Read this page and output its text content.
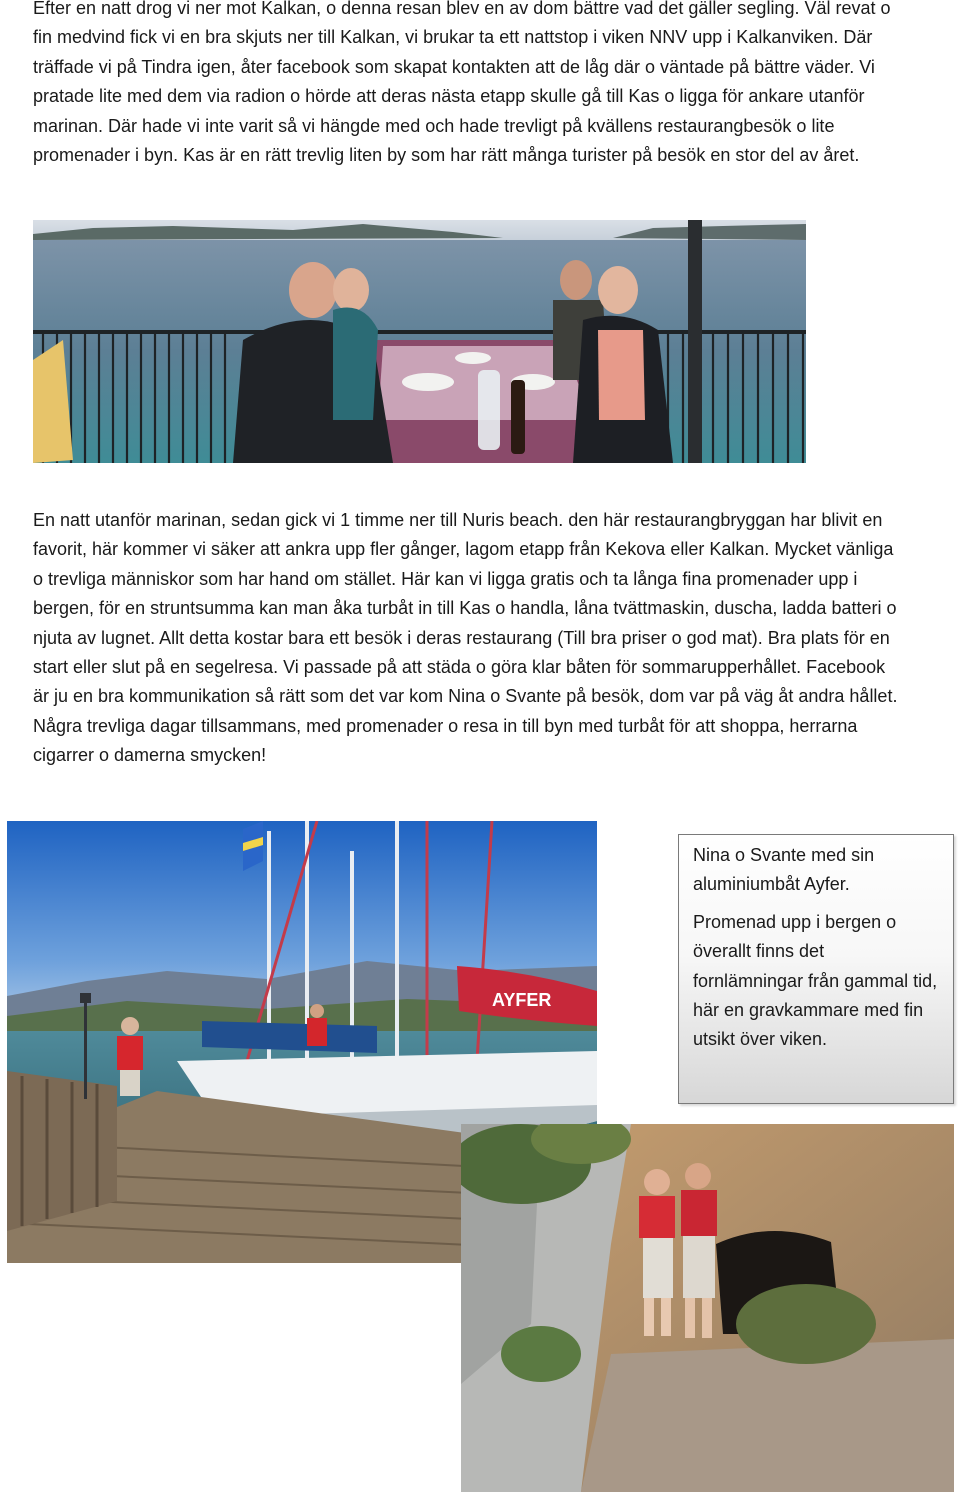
Efter en natt drog vi ner mot Kalkan, o denna resan blev en av dom bättre vad det gäller segling. Väl revat o fin medvind fick vi en bra skjuts ner till Kalkan, vi brukar ta ett nattstop i viken NNV upp i Kalkanviken. Där träffade vi på Tindra igen, åter facebook som skapat kontakten att de låg där o väntade på bättre väder. Vi pratade lite med dem via radion o hörde att deras nästa etapp skulle gå till Kas o ligga för ankare utanför marinan. Där hade vi inte varit så vi hängde med och hade trevligt på kvällens restaurangbesök o lite promenader i byn. Kas är en rätt trevlig liten by som har rätt många turister på besök en stor del av året.

En natt utanför marinan, sedan gick vi 1 timme ner till Nuris beach. den här restaurangbryggan har blivit en favorit, här kommer vi säker att ankra upp fler gånger, lagom etapp från Kekova eller Kalkan. Mycket vänliga o trevliga människor som har hand om stället. Här kan vi ligga gratis och ta långa fina promenader upp i bergen, för en struntsumma kan man åka turbåt in till Kas o handla, låna tvättmaskin, duscha, ladda batteri o njuta av lugnet. Allt detta kostar bara ett besök i deras restaurang (Till bra priser o god mat). Bra plats för en start eller slut på en segelresa. Vi passade på att städa o göra klar båten för sommarupperhållet. Facebook är ju en bra kommunikation så rätt som det var kom Nina o Svante på besök, dom var på väg åt andra hållet. Några trevliga dagar tillsammans, med promenader o resa in till byn med turbåt för att shoppa, herrarna cigarrer o damerna smycken!

AYFER

Nina o Svante med sin aluminiumbåt Ayfer.

Promenad upp i bergen o överallt finns det fornlämningar från gammal tid, här en gravkammare med fin utsikt över viken.
